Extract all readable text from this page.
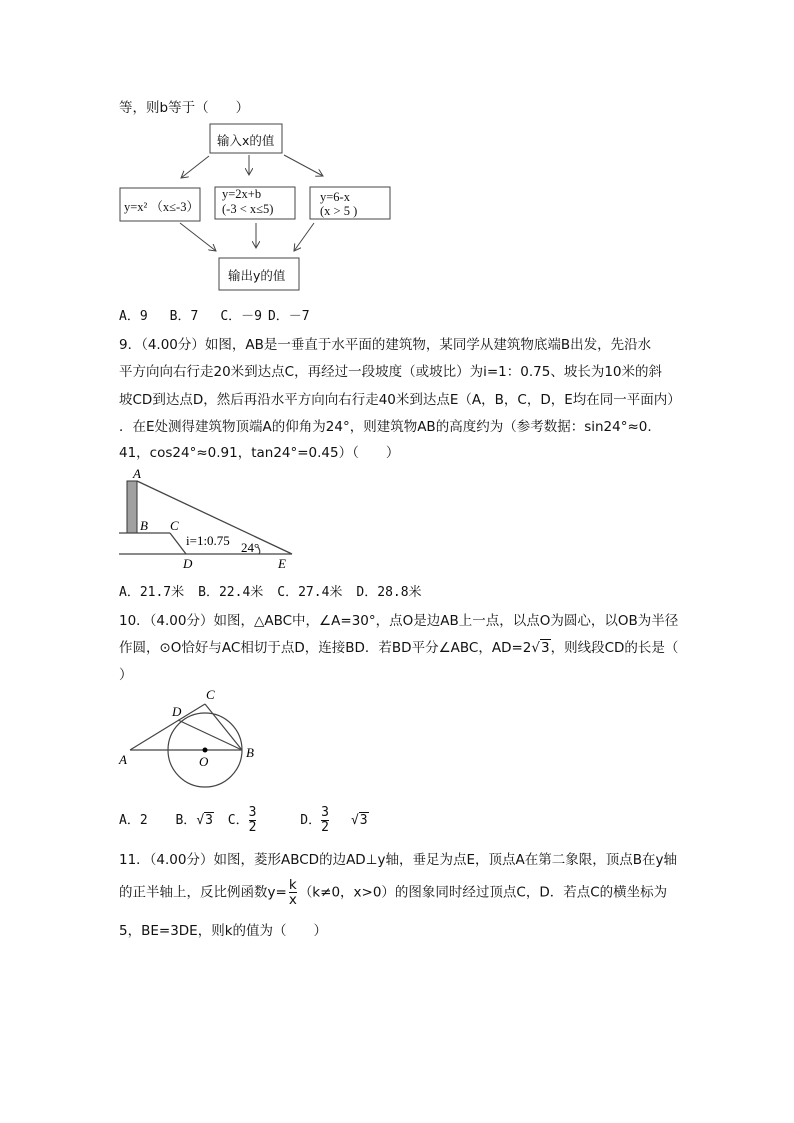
等，则b等于（　　）
输入x的值
y=x² （x≤-3）
y=2x+b
(-3 < x≤5)
y=6-x
(x > 5 )
输出y的值
A．9 B．7 C．－9 D．－7
9．（4.00分）如图，AB是一垂直于水平面的建筑物，某同学从建筑物底端B出发，先沿水
平方向向右行走20米到达点C，再经过一段坡度（或坡比）为i=1：0.75、坡长为10米的斜
坡CD到达点D，然后再沿水平方向向右行走40米到达点E（A，B，C，D，E均在同一平面内）
．在E处测得建筑物顶端A的仰角为24°，则建筑物AB的高度约为（参考数据：sin24°≈0.
41，cos24°≈0.91，tan24°=0.45）（　　）
A
B C
D	E
i=1:0.75 24°
A．21.7米 B．22.4米 C．27.4米 D．28.8米
10．（4.00分）如图，△ABC中，∠A=30°，点O是边AB上一点，以点O为圆心，以OB为半径
作圆，⊙O恰好与AC相切于点D，连接BD．若BD平分∠ABC，AD=2√3，则线段CD的长是（
）
A	B
C
D
O
A．2 B．√3 C． $\frac{3}{2}$ D． $\frac{3}{2} √3$
11．（4.00分）如图，菱形ABCD的边AD⊥y轴，垂足为点E，顶点A在第二象限，顶点B在y轴
的正半轴上，反比例函数$y= \frac{k}{x} (k\ne 0$，x>0）的图象同时经过顶点C，D．若点C的横坐标为
5，BE=3DE，则k的值为（　　）
